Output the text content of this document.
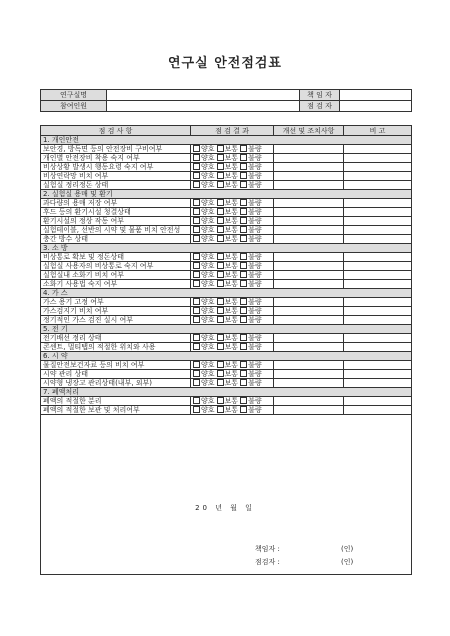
연구실 안전점검표
연구실명		책 임 자	
참여인원		점 검 자	
점 검 사 항	점 검 결 과	개선 및 조치사항	비 고
1. 개인안전			
보안경, 방독면 등의 안전장비 구비여부	양호 보통 불량		
개인별 안전장비 착용 숙지 여부	양호 보통 불량		
비상상황 발생시 행동요령 숙지 여부	양호 보통 불량		
비상연락망 비치 여부	양호 보통 불량		
실험실 정리정돈 상태	양호 보통 불량		
2. 실험실 용매 및 환기			
과다량의 용매 저장 여부	양호 보통 불량		
후드 등의 환기시설 청결상태	양호 보통 불량		
환기시설의 정상 작동 여부	양호 보통 불량		
실험테이블, 선반의 시약 및 물품 비치 안전성	양호 보통 불량		
충간 방수 상태	양호 보통 불량		
3. 소 방			
비상통로 확보 및 정돈상태	양호 보통 불량		
실험실 사용자의 비상통로 숙지 여부	양호 보통 불량		
실험실내 소화기 비치 여부	양호 보통 불량		
소화기 사용법 숙지 여부	양호 보통 불량		
4. 가 스			
가스 용기 고정 여부	양호 보통 불량		
가스검지기 비치 여부	양호 보통 불량		
정기적인 가스 검진 실시 여부	양호 보통 불량		
5. 전 기			
전기배선 정리 상태	양호 보통 불량		
콘센트, 멀티탭의 적절한 위치와 사용	양호 보통 불량		
6. 시 약			
물질안전보건자료 등의 비치 여부	양호 보통 불량		
시약 관리 상태	양호 보통 불량		
시약형 냉장고 관리상태(내부, 외부)	양호 보통 불량		
7. 폐액처리			
폐액의 적절한 분리	양호 보통 불량		
폐액의 적절한 보관 및 처리여부	양호 보통 불량		
20 년 월 일
책임자 :	(인)
점검자 :	(인)
